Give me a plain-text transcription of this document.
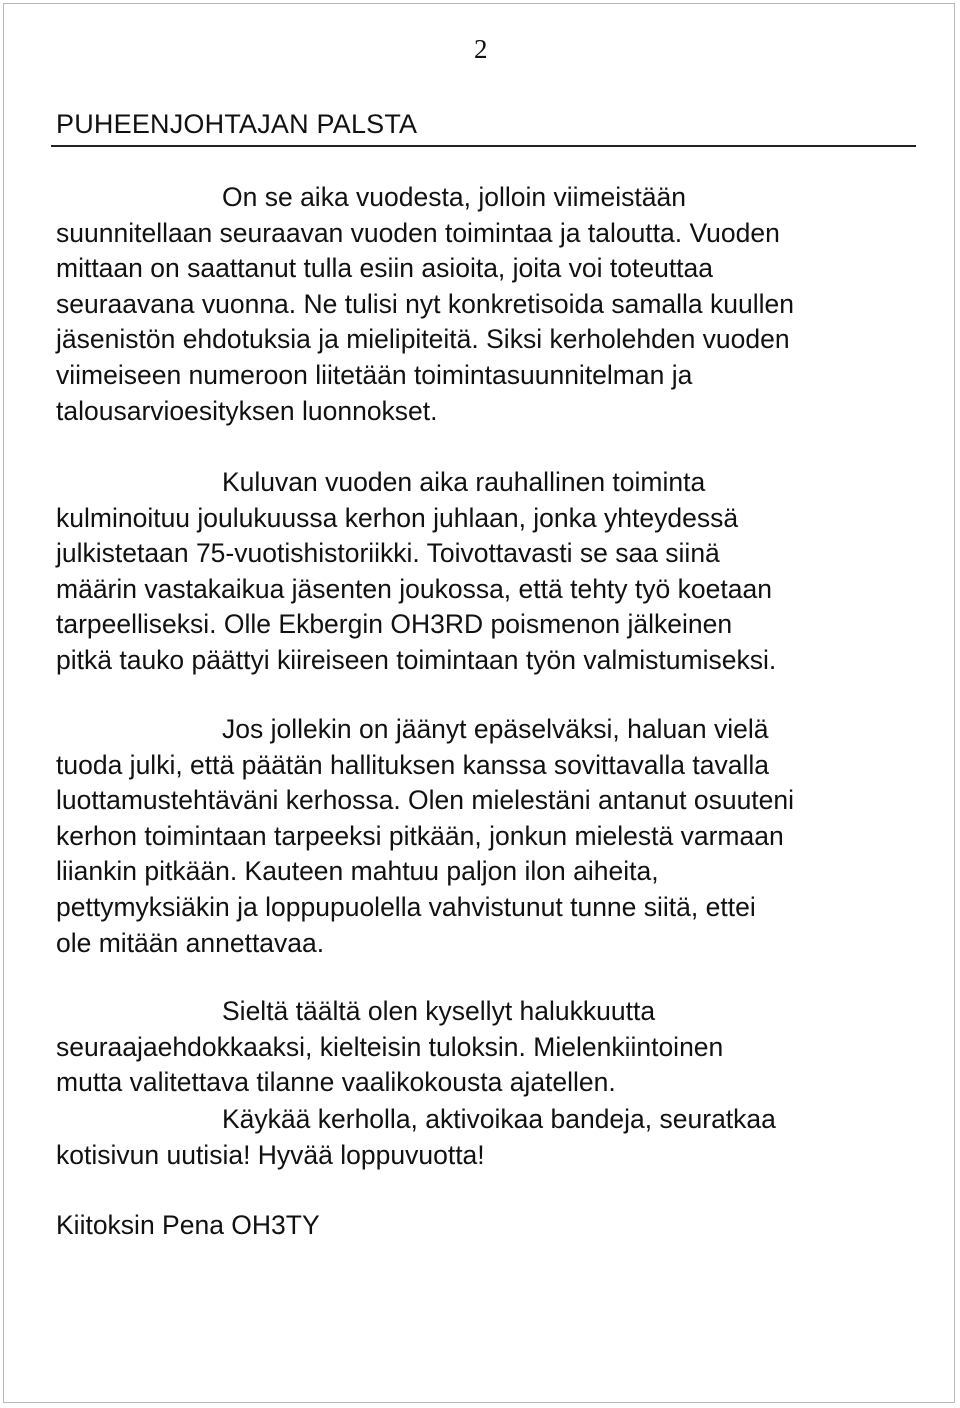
2
PUHEENJOHTAJAN PALSTA
On se aika vuodesta, jolloin viimeistään
suunnitellaan seuraavan vuoden toimintaa ja taloutta. Vuoden
mittaan on saattanut tulla esiin asioita, joita voi toteuttaa
seuraavana vuonna. Ne tulisi nyt konkretisoida samalla kuullen
jäsenistön ehdotuksia ja mielipiteitä. Siksi kerholehden vuoden
viimeiseen numeroon liitetään toimintasuunnitelman ja
talousarvioesityksen luonnokset.
Kuluvan vuoden aika rauhallinen toiminta
kulminoituu joulukuussa kerhon juhlaan, jonka yhteydessä
julkistetaan 75-vuotishistoriikki. Toivottavasti se saa siinä
määrin vastakaikua jäsenten joukossa, että tehty työ koetaan
tarpeelliseksi. Olle Ekbergin OH3RD poismenon jälkeinen
pitkä tauko päättyi kiireiseen toimintaan työn valmistumiseksi.
Jos jollekin on jäänyt epäselväksi, haluan vielä
tuoda julki, että päätän hallituksen kanssa sovittavalla tavalla
luottamustehtäväni kerhossa. Olen mielestäni antanut osuuteni
kerhon toimintaan tarpeeksi pitkään, jonkun mielestä varmaan
liiankin pitkään. Kauteen mahtuu paljon ilon aiheita,
pettymyksiäkin ja loppupuolella vahvistunut tunne siitä, ettei
ole mitään annettavaa.
Sieltä täältä olen kysellyt halukkuutta
seuraajaehdokkaaksi, kielteisin tuloksin. Mielenkiintoinen
mutta valitettava tilanne vaalikokousta ajatellen.
Käykää kerholla, aktivoikaa bandeja, seuratkaa
kotisivun uutisia! Hyvää loppuvuotta!
Kiitoksin Pena OH3TY
